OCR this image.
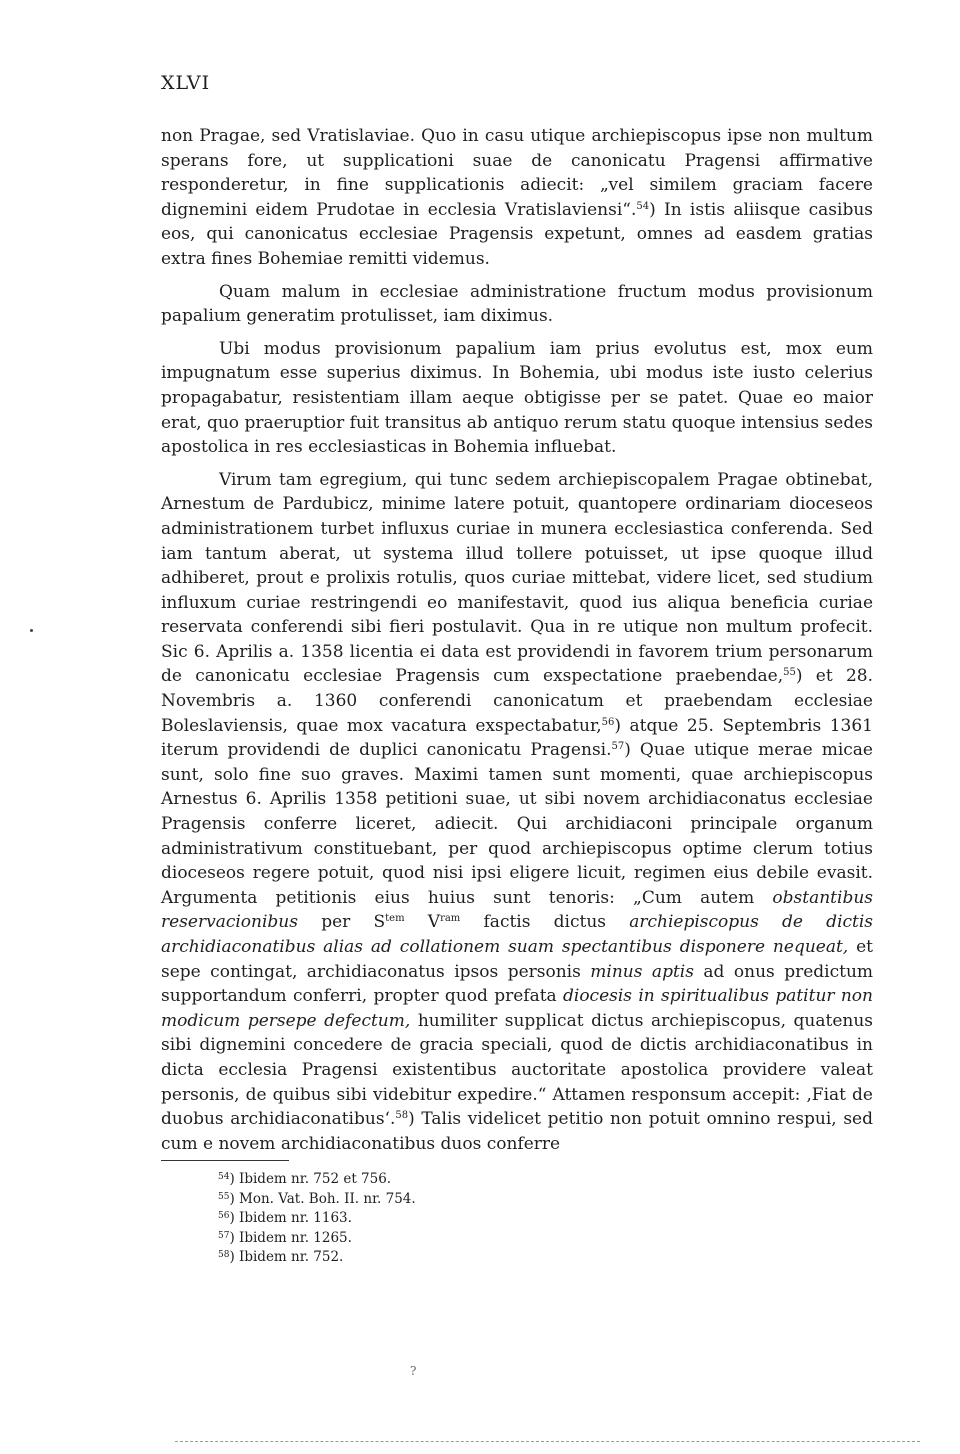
XLVI

non Pragae, sed Vratislaviae. Quo in casu utique archiepiscopus ipse non multum sperans fore, ut supplicationi suae de canonicatu Pragensi affirmative responderetur, in fine supplicationis adiecit: „vel similem graciam facere dignemini eidem Prudotae in ecclesia Vratislaviensi“.$^{54}$) In istis aliisque casibus eos, qui canonicatus ecclesiae Pragensis expetunt, omnes ad easdem gratias extra fines Bohemiae remitti videmus.

Quam malum in ecclesiae administratione fructum modus provisionum papalium generatim protulisset, iam diximus.

Ubi modus provisionum papalium iam prius evolutus est, mox eum impugnatum esse superius diximus. In Bohemia, ubi modus iste iusto celerius propagabatur, resistentiam illam aeque obtigisse per se patet. Quae eo maior erat, quo praeruptior fuit transitus ab antiquo rerum statu quoque intensius sedes apostolica in res ecclesiasticas in Bohemia influebat.

Virum tam egregium, qui tunc sedem archiepiscopalem Pragae obtinebat, Arnestum de Pardubicz, minime latere potuit, quantopere ordinariam dioceseos administrationem turbet influxus curiae in munera ecclesiastica conferenda. Sed iam tantum aberat, ut systema illud tollere potuisset, ut ipse quoque illud adhiberet, prout e prolixis rotulis, quos curiae mittebat, videre licet, sed studium influxum curiae restringendi eo manifestavit, quod ius aliqua beneficia curiae reservata conferendi sibi fieri postulavit. Qua in re utique non multum profecit. Sic 6. Aprilis a. 1358 licentia ei data est providendi in favorem trium personarum de canonicatu ecclesiae Pragensis cum exspectatione praebendae,$^{55}$) et 28. Novembris a. 1360 conferendi canonicatum et praebendam ecclesiae Boleslaviensis, quae mox vacatura exspectabatur,$^{56}$) atque 25. Septembris 1361 iterum providendi de duplici canonicatu Pragensi.$^{57}$) Quae utique merae micae sunt, solo fine suo graves. Maximi tamen sunt momenti, quae archiepiscopus Arnestus 6. Aprilis 1358 petitioni suae, ut sibi novem archidiaconatus ecclesiae Pragensis conferre liceret, adiecit. Qui archidiaconi principale organum administrativum constituebant, per quod archiepiscopus optime clerum totius dioceseos regere potuit, quod nisi ipsi eligere licuit, regimen eius debile evasit. Argumenta petitionis eius huius sunt tenoris: „Cum autem obstantibus reservacionibus per $S^{tem}$ $V^{ram}$ factis dictus archiepiscopus de dictis archidiaconatibus alias ad collationem suam spectantibus disponere nequeat, et sepe contingat, archidiaconatus ipsos personis minus aptis ad onus predictum supportandum conferri, propter quod prefata diocesis in spiritualibus patitur non modicum persepe defectum, humiliter supplicat dictus archiepiscopus, quatenus sibi dignemini concedere de gracia speciali, quod de dictis archidiaconatibus in dicta ecclesia Pragensi existentibus auctoritate apostolica providere valeat personis, de quibus sibi videbitur expedire.“ Attamen responsum accepit: ‚Fiat de duobus archidiaconatibus‘.$^{58}$) Talis videlicet petitio non potuit omnino respui, sed cum e novem archidiaconatibus duos conferre

$^{54}$) Ibidem nr. 752 et 756.
$^{55}$) Mon. Vat. Boh. II. nr. 754.
$^{56}$) Ibidem nr. 1163.
$^{57}$) Ibidem nr. 1265.
$^{58}$) Ibidem nr. 752.
?
